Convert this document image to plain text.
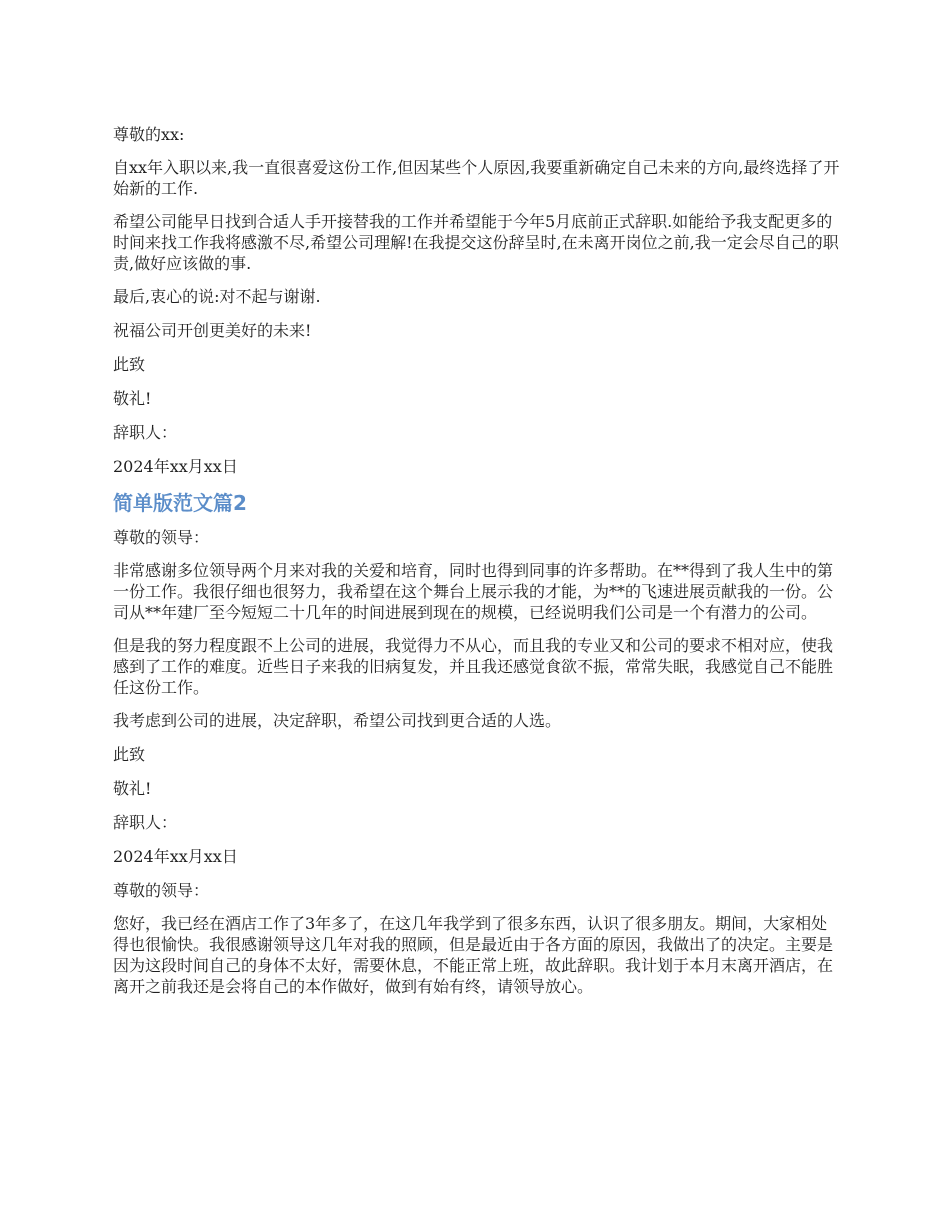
尊敬的xx:

自xx年入职以来,我一直很喜爱这份工作,但因某些个人原因,我要重新确定自己未来的方向,最终选择了开始新的工作.

希望公司能早日找到合适人手开接替我的工作并希望能于今年5月底前正式辞职.如能给予我支配更多的时间来找工作我将感激不尽,希望公司理解!在我提交这份辞呈时,在未离开岗位之前,我一定会尽自己的职责,做好应该做的事.

最后,衷心的说:对不起与谢谢.

祝福公司开创更美好的未来!

此致

敬礼!

辞职人：

2024年xx月xx日

简单版范文篇2

尊敬的领导：

非常感谢多位领导两个月来对我的关爱和培育，同时也得到同事的许多帮助。在**得到了我人生中的第一份工作。我很仔细也很努力，我希望在这个舞台上展示我的才能，为**的飞速进展贡献我的一份。公司从**年建厂至今短短二十几年的时间进展到现在的规模，已经说明我们公司是一个有潜力的公司。

但是我的努力程度跟不上公司的进展，我觉得力不从心，而且我的专业又和公司的要求不相对应，使我感到了工作的难度。近些日子来我的旧病复发，并且我还感觉食欲不振，常常失眠，我感觉自己不能胜任这份工作。

我考虑到公司的进展，决定辞职，希望公司找到更合适的人选。

此致

敬礼!

辞职人：

2024年xx月xx日

尊敬的领导：

您好，我已经在酒店工作了3年多了，在这几年我学到了很多东西，认识了很多朋友。期间，大家相处得也很愉快。我很感谢领导这几年对我的照顾，但是最近由于各方面的原因，我做出了的决定。主要是因为这段时间自己的身体不太好，需要休息，不能正常上班，故此辞职。我计划于本月末离开酒店，在离开之前我还是会将自己的本作做好，做到有始有终，请领导放心。
